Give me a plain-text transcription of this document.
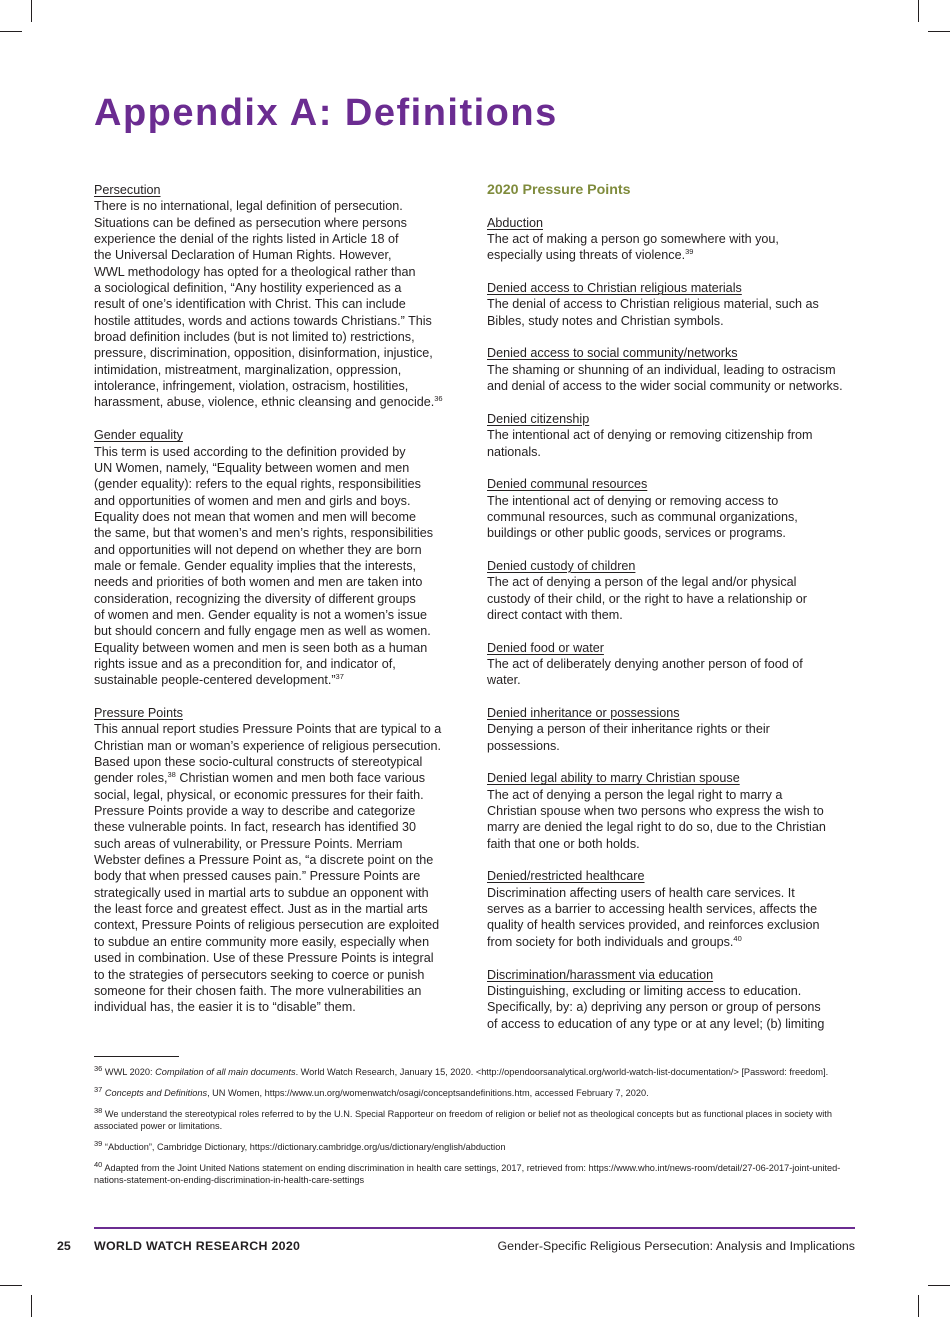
Appendix A: Definitions
Persecution

There is no international, legal definition of persecution.
Situations can be defined as persecution where persons
experience the denial of the rights listed in Article 18 of
the Universal Declaration of Human Rights. However,
WWL methodology has opted for a theological rather than
a sociological definition, “Any hostility experienced as a
result of one’s identification with Christ. This can include
hostile attitudes, words and actions towards Christians.” This
broad definition includes (but is not limited to) restrictions,
pressure, discrimination, opposition, disinformation, injustice,
intimidation, mistreatment, marginalization, oppression,
intolerance, infringement, violation, ostracism, hostilities,
harassment, abuse, violence, ethnic cleansing and genocide.$^{36}$

Gender equality

This term is used according to the definition provided by
UN Women, namely, “Equality between women and men
(gender equality): refers to the equal rights, responsibilities
and opportunities of women and men and girls and boys.
Equality does not mean that women and men will become
the same, but that women’s and men’s rights, responsibilities
and opportunities will not depend on whether they are born
male or female. Gender equality implies that the interests,
needs and priorities of both women and men are taken into
consideration, recognizing the diversity of different groups
of women and men. Gender equality is not a women’s issue
but should concern and fully engage men as well as women.
Equality between women and men is seen both as a human
rights issue and as a precondition for, and indicator of,
sustainable people-centered development.”$^{37}$

Pressure Points

This annual report studies Pressure Points that are typical to a
Christian man or woman’s experience of religious persecution.
Based upon these socio-cultural constructs of stereotypical
gender roles,$^{38}$ Christian women and men both face various
social, legal, physical, or economic pressures for their faith.
Pressure Points provide a way to describe and categorize
these vulnerable points. In fact, research has identified 30
such areas of vulnerability, or Pressure Points. Merriam
Webster defines a Pressure Point as, “a discrete point on the
body that when pressed causes pain.” Pressure Points are
strategically used in martial arts to subdue an opponent with
the least force and greatest effect. Just as in the martial arts
context, Pressure Points of religious persecution are exploited
to subdue an entire community more easily, especially when
used in combination. Use of these Pressure Points is integral
to the strategies of persecutors seeking to coerce or punish
someone for their chosen faith. The more vulnerabilities an
individual has, the easier it is to “disable” them.

2020 Pressure Points
Abduction

The act of making a person go somewhere with you,
especially using threats of violence.$^{39}$

Denied access to Christian religious materials

The denial of access to Christian religious material, such as
Bibles, study notes and Christian symbols.

Denied access to social community/networks

The shaming or shunning of an individual, leading to ostracism
and denial of access to the wider social community or networks.

Denied citizenship

The intentional act of denying or removing citizenship from
nationals.

Denied communal resources

The intentional act of denying or removing access to
communal resources, such as communal organizations,
buildings or other public goods, services or programs.

Denied custody of children

The act of denying a person of the legal and/or physical
custody of their child, or the right to have a relationship or
direct contact with them.

Denied food or water

The act of deliberately denying another person of food of
water.

Denied inheritance or possessions

Denying a person of their inheritance rights or their
possessions.

Denied legal ability to marry Christian spouse

The act of denying a person the legal right to marry a
Christian spouse when two persons who express the wish to
marry are denied the legal right to do so, due to the Christian
faith that one or both holds.

Denied/restricted healthcare

Discrimination affecting users of health care services. It
serves as a barrier to accessing health services, affects the
quality of health services provided, and reinforces exclusion
from society for both individuals and groups.$^{40}$

Discrimination/harassment via education

Distinguishing, excluding or limiting access to education.
Specifically, by: a) depriving any person or group of persons
of access to education of any type or at any level; (b) limiting

$^{36}$ WWL 2020: Compilation of all main documents. World Watch Research, January 15, 2020. <http://opendoorsanalytical.org/world-watch-list-documentation/> [Password: freedom].

$^{37}$ Concepts and Definitions, UN Women, https://www.un.org/womenwatch/osagi/conceptsandefinitions.htm, accessed February 7, 2020.

$^{38}$ We understand the stereotypical roles referred to by the U.N. Special Rapporteur on freedom of religion or belief not as theological concepts but as functional places in society with associated power or limitations.

$^{39}$ “Abduction”, Cambridge Dictionary, https://dictionary.cambridge.org/us/dictionary/english/abduction

$^{40}$ Adapted from the Joint United Nations statement on ending discrimination in health care settings, 2017, retrieved from: https://www.who.int/news-room/detail/27-06-2017-joint-united-nations-statement-on-ending-discrimination-in-health-care-settings

25 WORLD WATCH RESEARCH 2020	Gender-Specific Religious Persecution: Analysis and Implications
